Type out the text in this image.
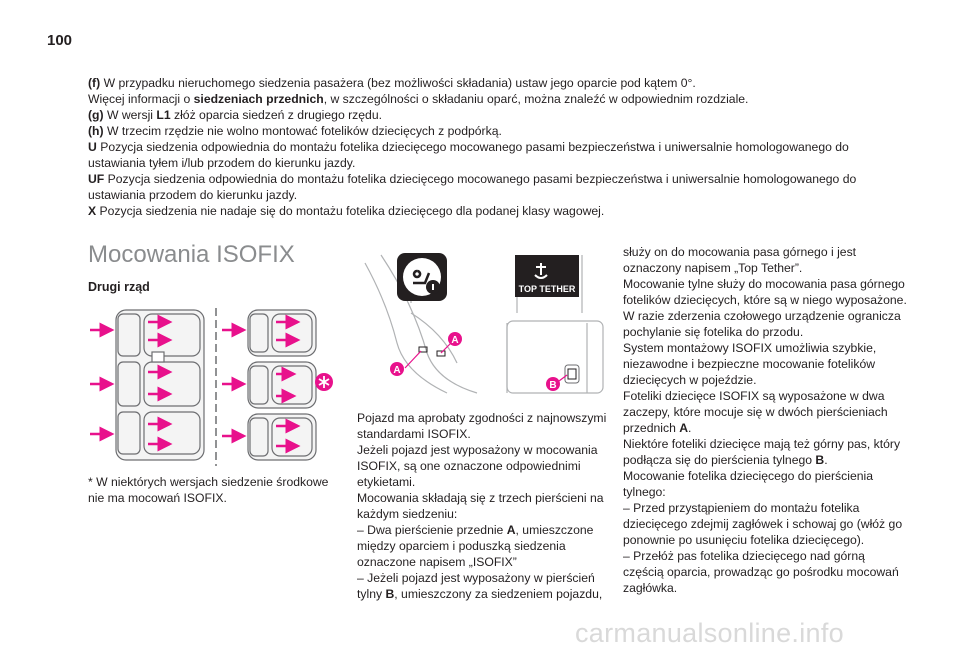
100

(f) W przypadku nieruchomego siedzenia pasażera (bez możliwości składania) ustaw jego oparcie pod kątem 0°.

Więcej informacji o siedzeniach przednich, w szczególności o składaniu oparć, można znaleźć w odpowiednim rozdziale.

(g) W wersji L1 złóż oparcia siedzeń z drugiego rzędu.

(h) W trzecim rzędzie nie wolno montować fotelików dziecięcych z podpórką.

U Pozycja siedzenia odpowiednia do montażu fotelika dziecięcego mocowanego pasami bezpieczeństwa i uniwersalnie homologowanego do ustawiania tyłem i/lub przodem do kierunku jazdy.

UF Pozycja siedzenia odpowiednia do montażu fotelika dziecięcego mocowanego pasami bezpieczeństwa i uniwersalnie homologowanego do ustawiania przodem do kierunku jazdy.

X Pozycja siedzenia nie nadaje się do montażu fotelika dziecięcego dla podanej klasy wagowej.

Mocowania ISOFIX
Drugi rząd

* W niektórych wersjach siedzenie środkowe nie ma mocowań ISOFIX.

TOP TETHER
A
A
B

Pojazd ma aprobaty zgodności z najnowszymi standardami ISOFIX.

Jeżeli pojazd jest wyposażony w mocowania ISOFIX, są one oznaczone odpowiednimi etykietami.

Mocowania składają się z trzech pierścieni na każdym siedzeniu:

– Dwa pierścienie przednie A, umieszczone między oparciem i poduszką siedzenia oznaczone napisem „ISOFIX”

– Jeżeli pojazd jest wyposażony w pierścień tylny B, umieszczony za siedzeniem pojazdu,

służy on do mocowania pasa górnego i jest oznaczony napisem „Top Tether”.

Mocowanie tylne służy do mocowania pasa górnego fotelików dziecięcych, które są w niego wyposażone. W razie zderzenia czołowego urządzenie ogranicza pochylanie się fotelika do przodu.

System montażowy ISOFIX umożliwia szybkie, niezawodne i bezpieczne mocowanie fotelików dziecięcych w pojeździe.

Foteliki dziecięce ISOFIX są wyposażone w dwa zaczepy, które mocuje się w dwóch pierścieniach przednich A.

Niektóre foteliki dziecięce mają też górny pas, który podłącza się do pierścienia tylnego B.

Mocowanie fotelika dziecięcego do pierścienia tylnego:

– Przed przystąpieniem do montażu fotelika dziecięcego zdejmij zagłówek i schowaj go (włóż go ponownie po usunięciu fotelika dziecięcego).

– Przełóż pas fotelika dziecięcego nad górną częścią oparcia, prowadząc go pośrodku mocowań zagłówka.

carmanualsonline.info
